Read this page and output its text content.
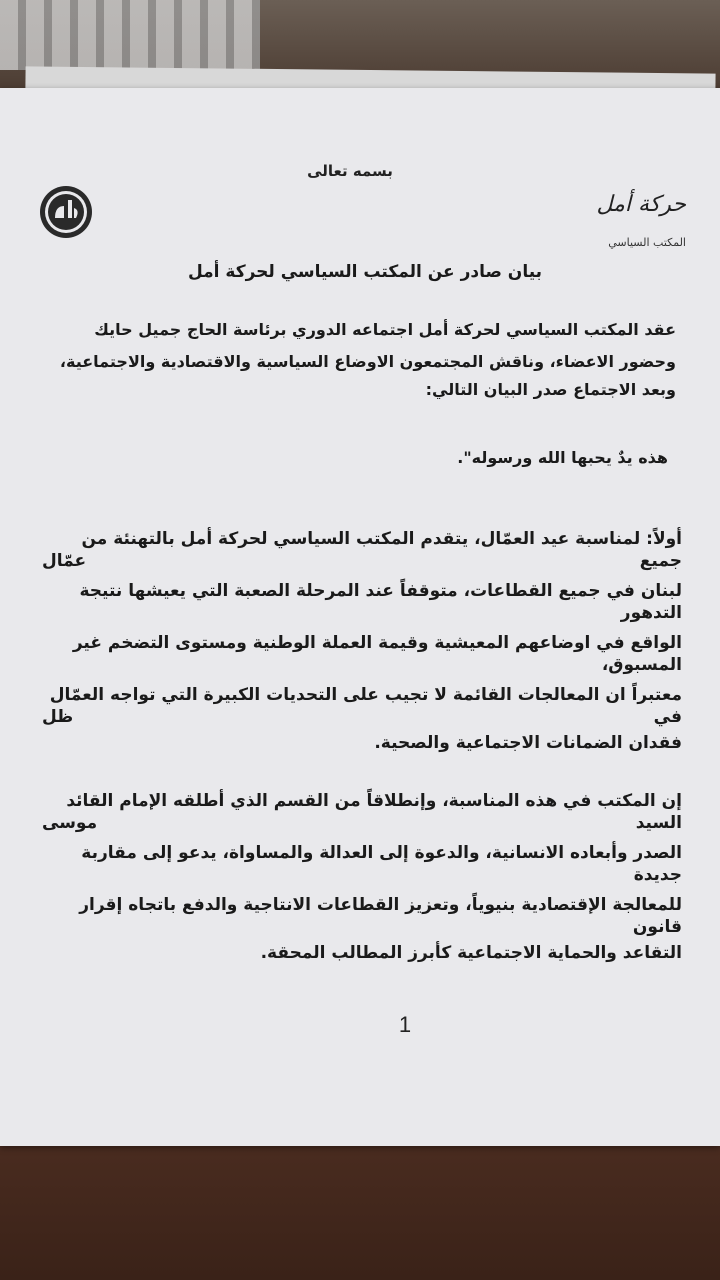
بسمه تعالى
حركة أمل
المكتب السياسي
بيان صادر عن المكتب السياسي لحركة أمل
عقد المكتب السياسي لحركة أمل اجتماعه الدوري برئاسة الحاج جميل حايك
وحضور الاعضاء، وناقش المجتمعون الاوضاع السياسية والاقتصادية والاجتماعية،
وبعد الاجتماع صدر البيان التالي:
هذه يدٌ يحبها الله ورسوله".
أولاً: لمناسبة عيد العمّال، يتقدم المكتب السياسي لحركة أمل بالتهنئة من جميع عمّال
لبنان في جميع القطاعات، متوقفاً عند المرحلة الصعبة التي يعيشها نتيجة التدهور
الواقع في اوضاعهم المعيشية وقيمة العملة الوطنية ومستوى التضخم غير المسبوق،
معتبراً ان المعالجات القائمة لا تجيب على التحديات الكبيرة التي تواجه العمّال في ظل
فقدان الضمانات الاجتماعية والصحية.
إن المكتب في هذه المناسبة، وإنطلاقاً من القسم الذي أطلقه الإمام القائد السيد موسى
الصدر وأبعاده الانسانية، والدعوة إلى العدالة والمساواة، يدعو إلى مقاربة جديدة
للمعالجة الإقتصادية بنيوياً، وتعزيز القطاعات الانتاجية والدفع باتجاه إقرار قانون
التقاعد والحماية الاجتماعية كأبرز المطالب المحقة.
1
